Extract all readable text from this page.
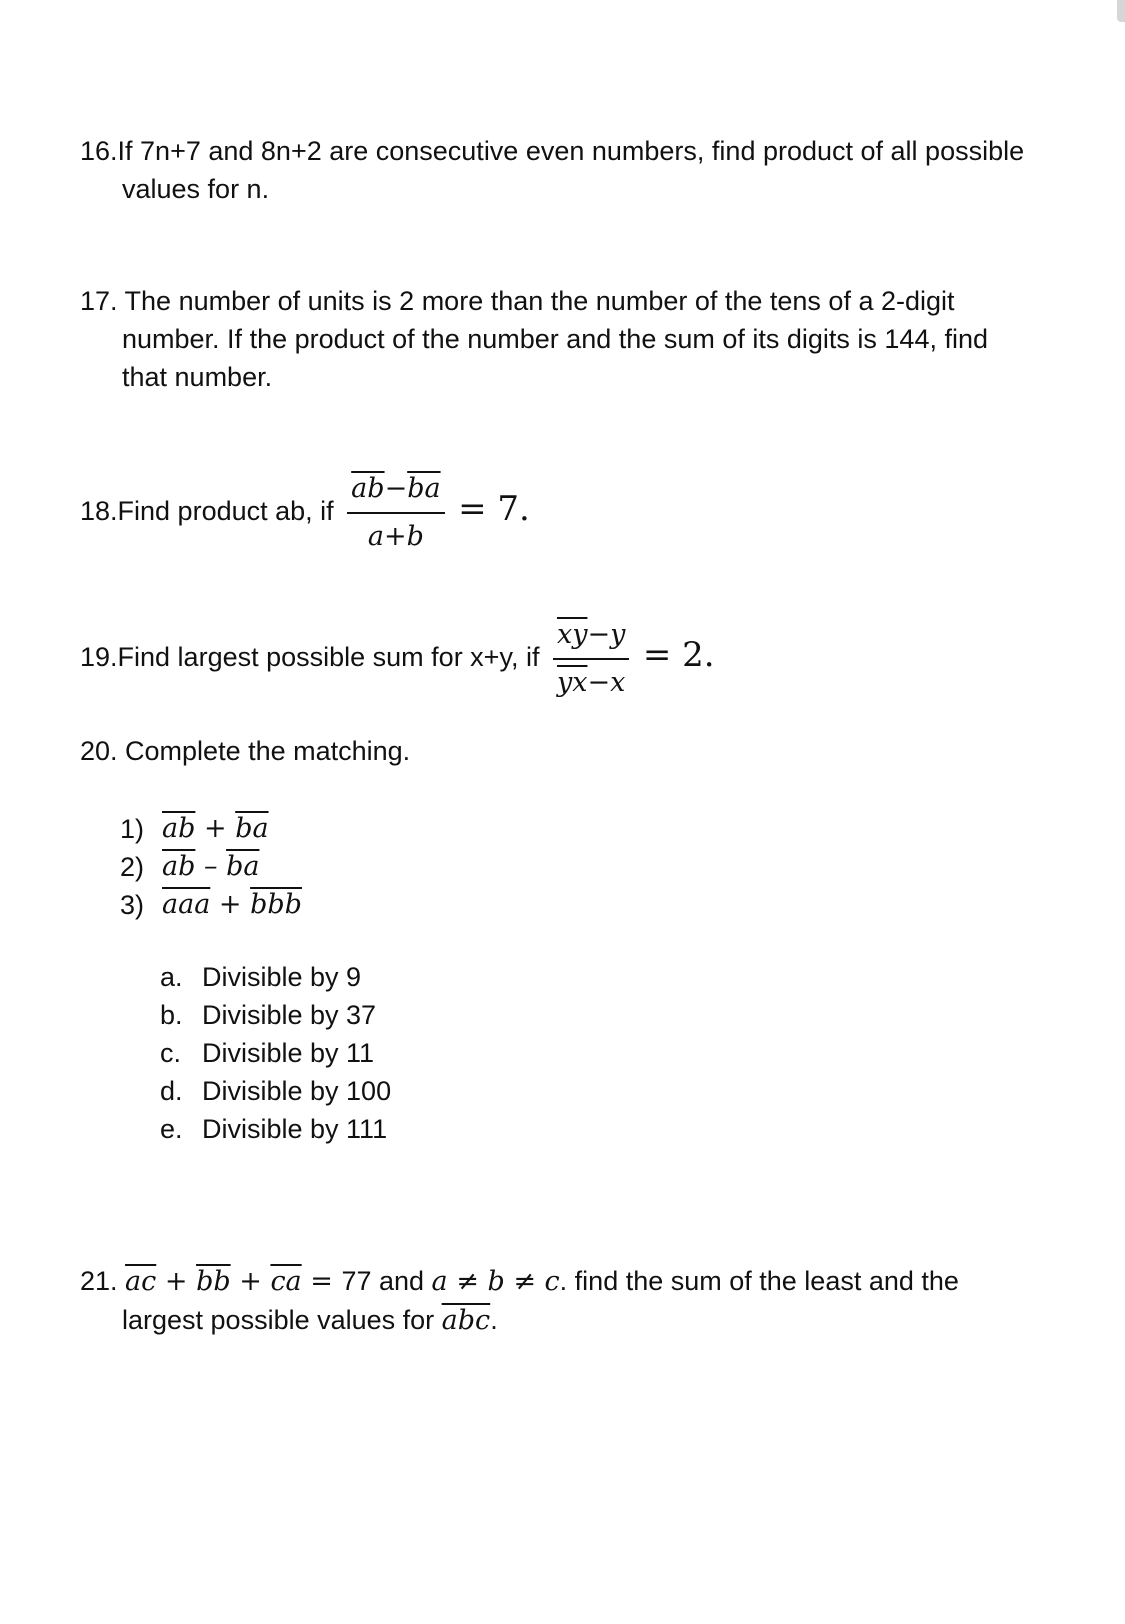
16.If 7n+7 and 8n+2 are consecutive even numbers, find product of all possible
values for n.
17. The number of units is 2 more than the number of the tens of a 2-digit
number. If the product of the number and the sum of its digits is 144, find
that number.
18.Find product ab, if $\frac{\overline{ab}-\overline{ba}}{a+b} = 7$.
19.Find largest possible sum for x+y, if $\frac{\overline{xy}-y}{\overline{yx}-x} = 2$.
20. Complete the matching.
1) $\overline{ab} + \overline{ba}$
2) $\overline{ab} - \overline{ba}$
3) $\overline{aaa} + \overline{bbb}$
a. Divisible by 9
b. Divisible by 37
c. Divisible by 11
d. Divisible by 100
e. Divisible by 111
21. $\overline{ac} + \overline{bb} + \overline{ca} = 77$ and a ≠ b ≠ c. find the sum of the least and the
largest possible values for $\overline{abc}$.
